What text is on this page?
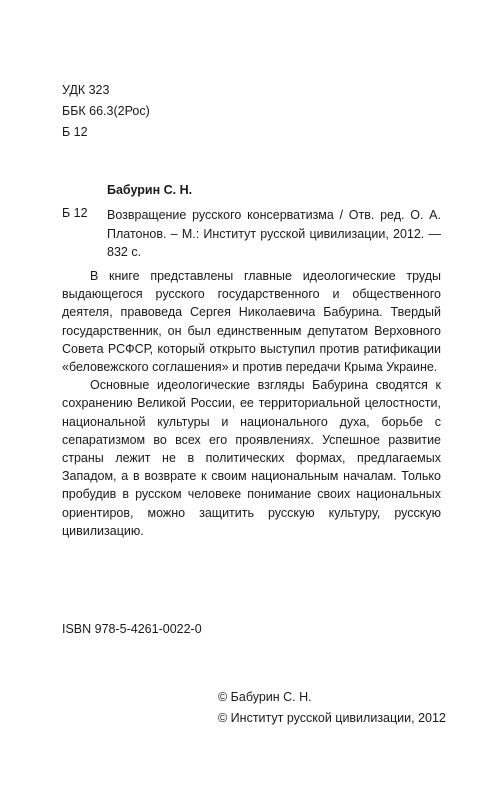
УДК 323
ББК 66.3(2Рос)
Б 12
Бабурин С. Н.
Б 12 Возвращение русского консерватизма / Отв. ред. О. А. Платонов. – М.: Институт русской цивилизации, 2012. — 832 с.

В книге представлены главные идеологические труды выдающегося русского государственного и общественного деятеля, правоведа Сергея Николаевича Бабурина. Твердый государственник, он был единственным депутатом Верховного Совета РСФСР, который открыто выступил против ратификации «беловежского соглашения» и против передачи Крыма Украине.

Основные идеологические взгляды Бабурина сводятся к сохранению Великой России, ее территориальной целостности, национальной культуры и национального духа, борьбе с сепаратизмом во всех его проявлениях. Успешное развитие страны лежит не в политических формах, предлагаемых Западом, а в возврате к своим национальным началам. Только пробудив в русском человеке понимание своих национальных ориентиров, можно защитить русскую культуру, русскую цивилизацию.

ISBN 978-5-4261-0022-0
© Бабурин С. Н.
© Институт русской цивилизации, 2012
